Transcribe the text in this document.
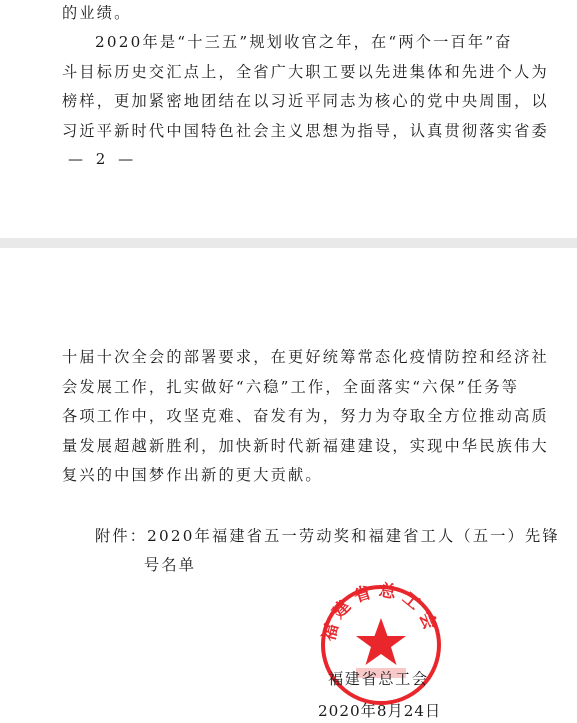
的业绩。
2020年是“十三五”规划收官之年，在“两个一百年”奋
斗目标历史交汇点上，全省广大职工要以先进集体和先进个人为
榜样，更加紧密地团结在以习近平同志为核心的党中央周围，以
习近平新时代中国特色社会主义思想为指导，认真贯彻落实省委
— 2 —
十届十次全会的部署要求，在更好统筹常态化疫情防控和经济社
会发展工作，扎实做好“六稳”工作，全面落实“六保”任务等
各项工作中，攻坚克难、奋发有为，努力为夺取全方位推动高质
量发展超越新胜利，加快新时代新福建建设，实现中华民族伟大
复兴的中国梦作出新的更大贡献。
附件：2020年福建省五一劳动奖和福建省工人（五一）先锋
号名单
福建省总工会
福建省总工会
2020年8月24日
